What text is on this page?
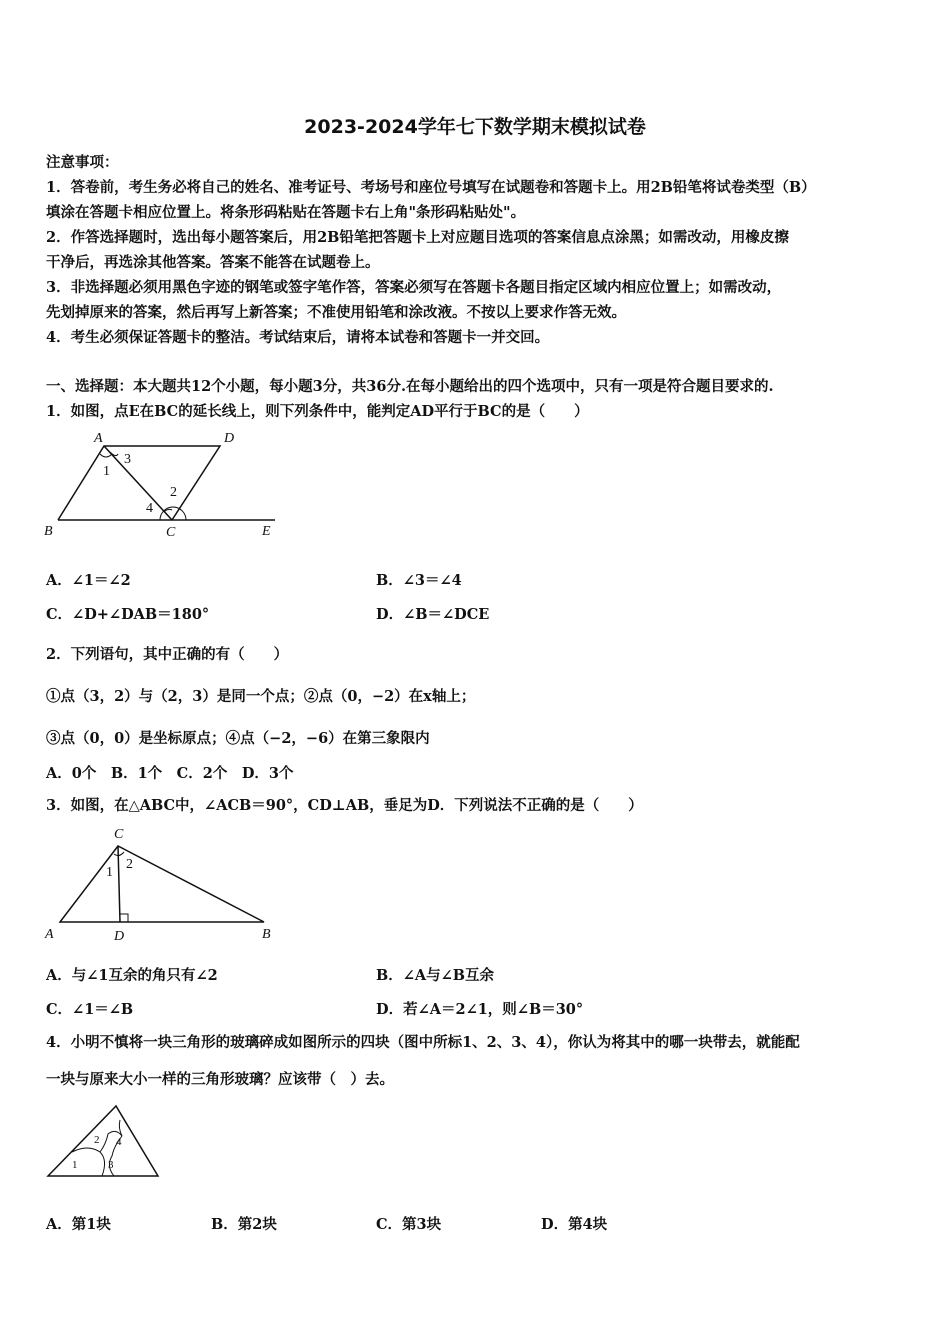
2023-2024学年七下数学期末模拟试卷
注意事项：
1．答卷前，考生务必将自己的姓名、准考证号、考场号和座位号填写在试题卷和答题卡上。用2B铅笔将试卷类型（B）
填涂在答题卡相应位置上。将条形码粘贴在答题卡右上角"条形码粘贴处"。
2．作答选择题时，选出每小题答案后，用2B铅笔把答题卡上对应题目选项的答案信息点涂黑；如需改动，用橡皮擦
干净后，再选涂其他答案。答案不能答在试题卷上。
3．非选择题必须用黑色字迹的钢笔或签字笔作答，答案必须写在答题卡各题目指定区域内相应位置上；如需改动，
先划掉原来的答案，然后再写上新答案；不准使用铅笔和涂改液。不按以上要求作答无效。
4．考生必须保证答题卡的整洁。考试结束后，请将本试卷和答题卡一并交回。
一、选择题：本大题共12个小题，每小题3分，共36分.在每小题给出的四个选项中，只有一项是符合题目要求的.
1．如图，点E在BC的延长线上，则下列条件中，能判定AD平行于BC的是（　　）
A	D
B	C	E
1
2
3
4
A．∠1＝∠2	B．∠3＝∠4
C．∠D+∠DAB＝180°	D．∠B＝∠DCE
2．下列语句，其中正确的有（　　）
①点（3，2）与（2，3）是同一个点；②点（0，−2）在x轴上；
③点（0，0）是坐标原点；④点（−2，−6）在第三象限内
A．0个　B．1个　C．2个　D．3个
3．如图，在△ABC中，∠ACB＝90°，CD⊥AB，垂足为D．下列说法不正确的是（　　）
C
A	D	B
1
2
A．与∠1互余的角只有∠2	B．∠A与∠B互余
C．∠1＝∠B	D．若∠A＝2∠1，则∠B＝30°
4．小明不慎将一块三角形的玻璃碎成如图所示的四块（图中所标1、2、3、4），你认为将其中的哪一块带去，就能配
一块与原来大小一样的三角形玻璃？应该带（　）去。
1
2
3
4
A．第1块	B．第2块	C．第3块	D．第4块
